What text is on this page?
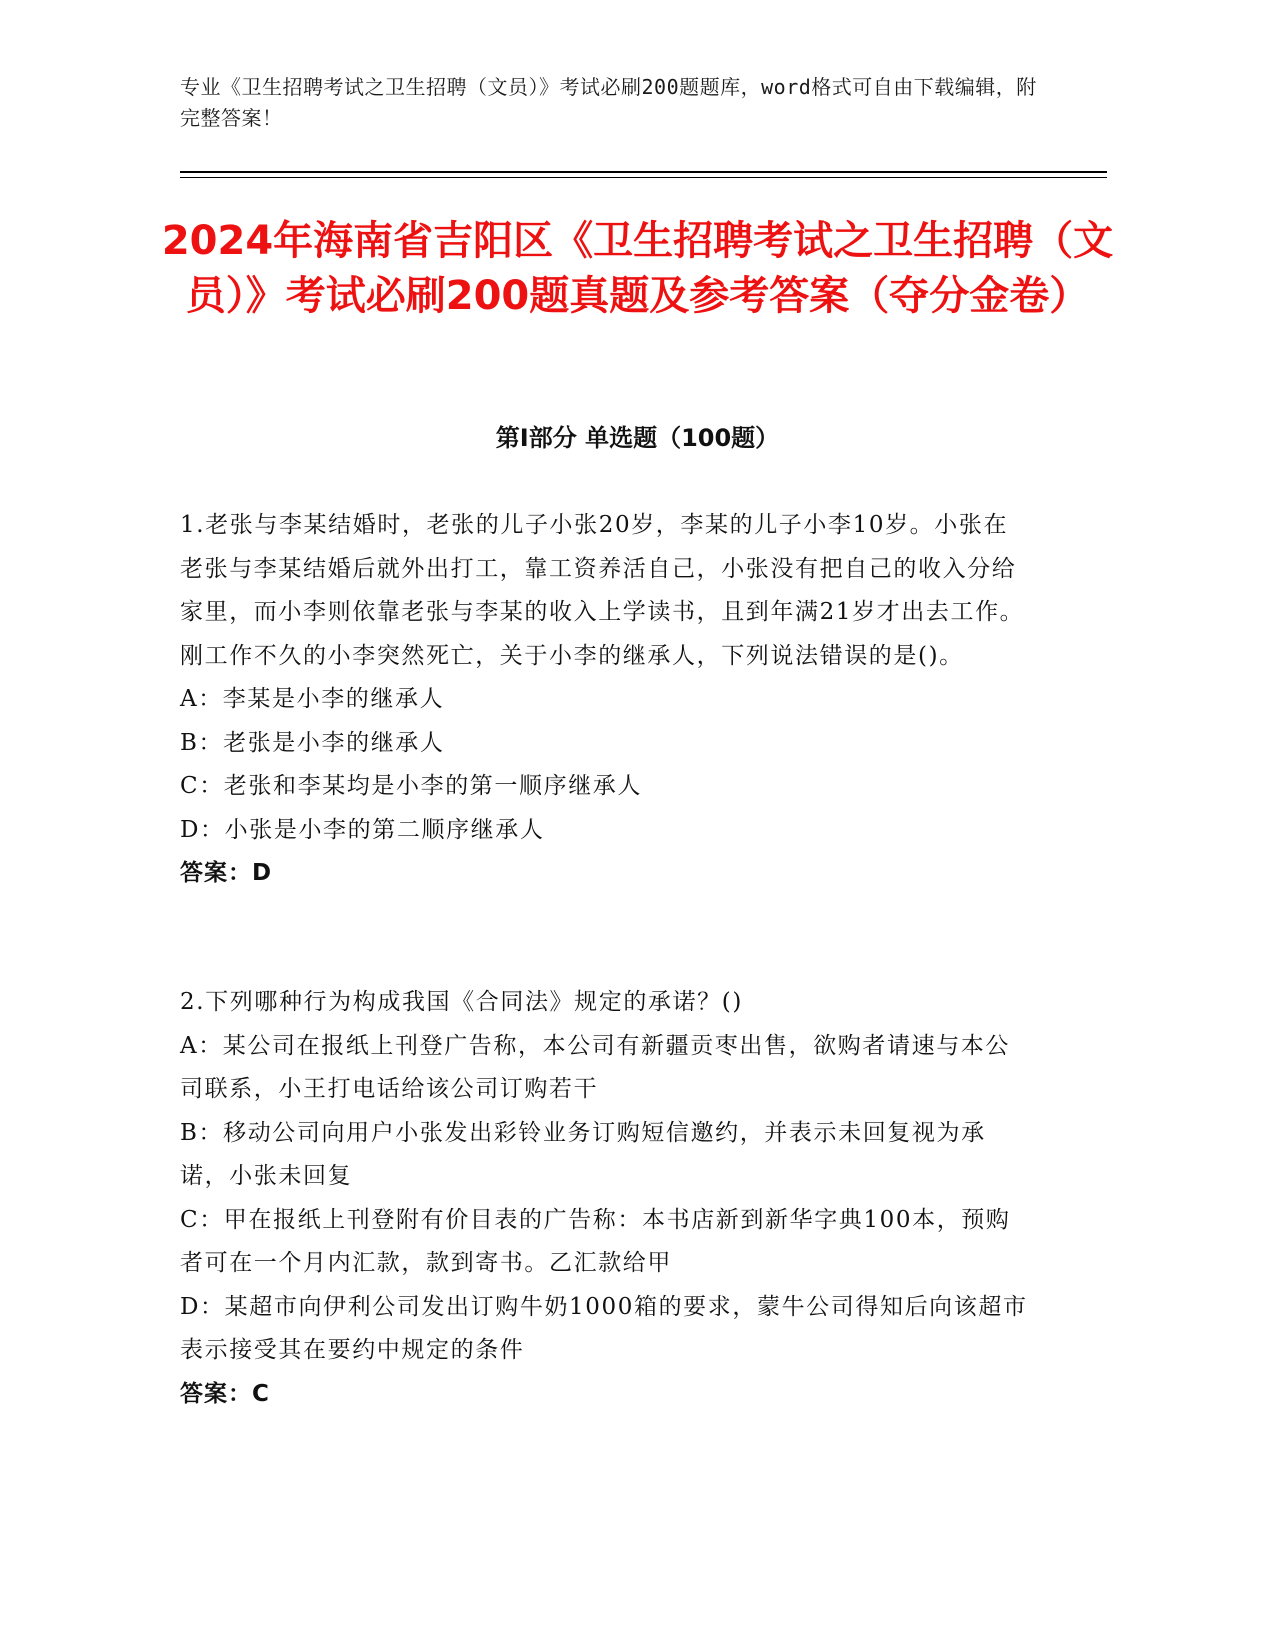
专业《卫生招聘考试之卫生招聘（文员）》考试必刷200题题库，word格式可自由下载编辑，附完整答案！
2024年海南省吉阳区《卫生招聘考试之卫生招聘（文员）》考试必刷200题真题及参考答案（夺分金卷）
第Ⅰ部分 单选题（100题）

1.老张与李某结婚时，老张的儿子小张20岁，李某的儿子小李10岁。小张在老张与李某结婚后就外出打工，靠工资养活自己，小张没有把自己的收入分给家里，而小李则依靠老张与李某的收入上学读书，且到年满21岁才出去工作。刚工作不久的小李突然死亡，关于小李的继承人，下列说法错误的是()。

A：李某是小李的继承人

B：老张是小李的继承人

C：老张和李某均是小李的第一顺序继承人

D：小张是小李的第二顺序继承人

答案：D

2.下列哪种行为构成我国《合同法》规定的承诺？()

A：某公司在报纸上刊登广告称，本公司有新疆贡枣出售，欲购者请速与本公司联系，小王打电话给该公司订购若干

B：移动公司向用户小张发出彩铃业务订购短信邀约，并表示未回复视为承诺，小张未回复

C：甲在报纸上刊登附有价目表的广告称：本书店新到新华字典100本，预购者可在一个月内汇款，款到寄书。乙汇款给甲

D：某超市向伊利公司发出订购牛奶1000箱的要求，蒙牛公司得知后向该超市表示接受其在要约中规定的条件

答案：C
